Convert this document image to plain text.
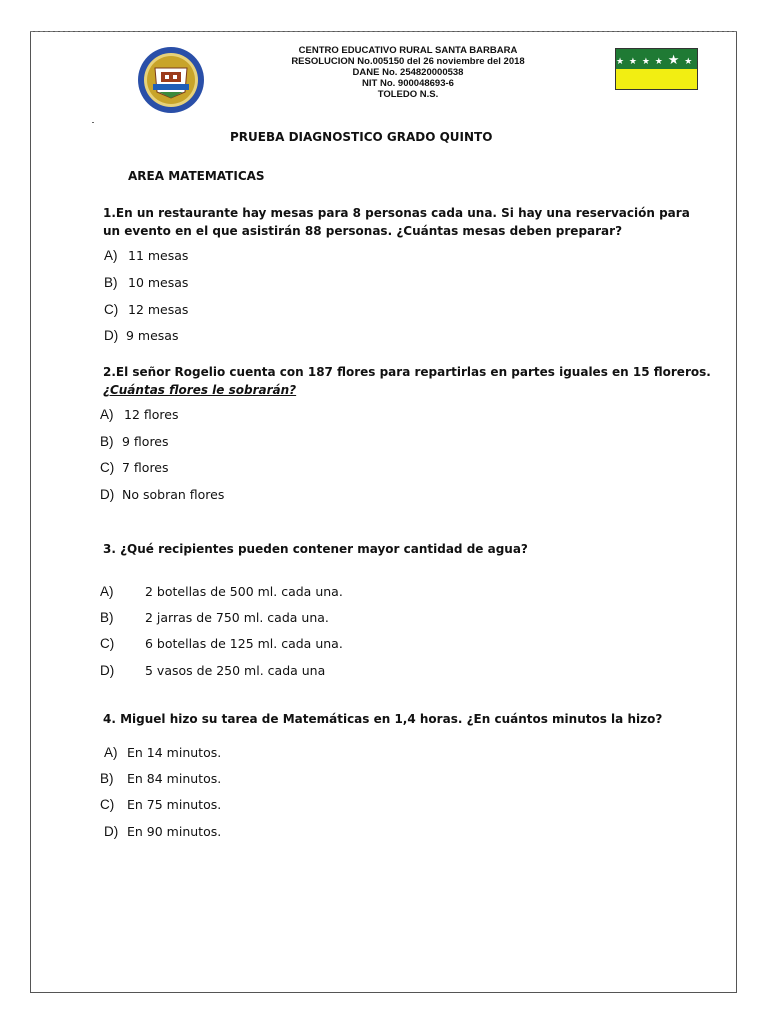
CENTRO EDUCATIVO RURAL SANTA BARBARA
RESOLUCION No.005150 del 26 noviembre del 2018
DANE No. 254820000538
NIT No. 900048693-6
TOLEDO N.S.
★ ★ ★ ★ ★ ★ ★ ★ ★
PRUEBA DIAGNOSTICO GRADO QUINTO
AREA MATEMATICAS
1.En un restaurante hay mesas para 8 personas cada una. Si hay una reservación para
un evento en el que asistirán 88 personas. ¿Cuántas mesas deben preparar?
A) 11 mesas
B) 10 mesas
C) 12 mesas
D) 9 mesas
2.El señor Rogelio cuenta con 187 flores para repartirlas en partes iguales en 15 floreros.
¿Cuántas flores le sobrarán?
A) 12 flores
B) 9 flores
C) 7 flores
D) No sobran flores
3. ¿Qué recipientes pueden contener mayor cantidad de agua?
A)	2 botellas de 500 ml. cada una.
B)	2 jarras de 750 ml. cada una.
C) 6 botellas de 125 ml. cada una.
D) 5 vasos de 250 ml. cada una
4. Miguel hizo su tarea de Matemáticas en 1,4 horas. ¿En cuántos minutos la hizo?
A) En 14 minutos.
B) En 84 minutos.
C) En 75 minutos.
D) En 90 minutos.
